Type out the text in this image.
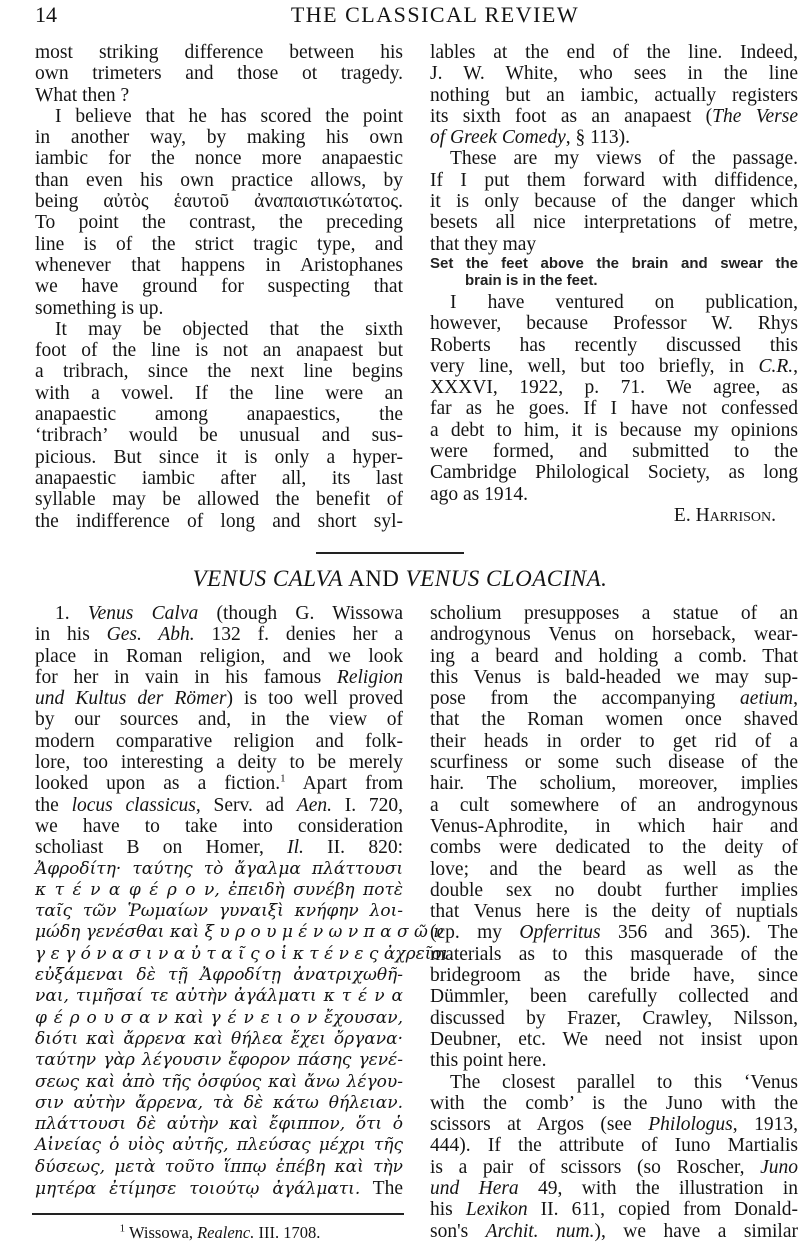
14	THE CLASSICAL REVIEW
most striking difference between his
own trimeters and those ot tragedy.
What then ?
I believe that he has scored the point
in another way, by making his own
iambic for the nonce more anapaestic
than even his own practice allows, by
being αὐτὸς ἑαυτοῦ ἀναπαιστικώτατος.
To point the contrast, the preceding
line is of the strict tragic type, and
whenever that happens in Aristophanes
we have ground for suspecting that
something is up.
It may be objected that the sixth
foot of the line is not an anapaest but
a tribrach, since the next line begins
with a vowel. If the line were an
anapaestic among anapaestics, the
‘tribrach’ would be unusual and sus-
picious. But since it is only a hyper-
anapaestic iambic after all, its last
syllable may be allowed the benefit of
the indifference of long and short syl-
lables at the end of the line. Indeed,
J. W. White, who sees in the line
nothing but an iambic, actually registers
its sixth foot as an anapaest (The Verse
of Greek Comedy, § 113).
These are my views of the passage.
If I put them forward with diffidence,
it is only because of the danger which
besets all nice interpretations of metre,
that they may
Set the feet above the brain and swear the
brain is in the feet.
I have ventured on publication,
however, because Professor W. Rhys
Roberts has recently discussed this
very line, well, but too briefly, in C.R.,
XXXVI, 1922, p. 71. We agree, as
far as he goes. If I have not confessed
a debt to him, it is because my opinions
were formed, and submitted to the
Cambridge Philological Society, as long
ago as 1914.
E. Harrison.
VENUS CALVA AND VENUS CLOACINA.
1. Venus Calva (though G. Wissowa
in his Ges. Abh. 132 f. denies her a
place in Roman religion, and we look
for her in vain in his famous Religion
und Kultus der Römer) is too well proved
by our sources and, in the view of
modern comparative religion and folk-
lore, too interesting a deity to be merely
looked upon as a fiction.$^1$ Apart from
the locus classicus, Serv. ad Aen. I. 720,
we have to take into consideration
scholiast B on Homer, Il. II. 820:
Ἀφροδίτη· ταύτης τὸ ἄγαλμα πλάττουσι
κ τ έ ν α φ έ ρ ο ν, ἐπειδὴ συνέβη ποτὲ
ταῖς τῶν Ῥωμαίων γυναιξὶ κνήφην λοι-
μώδη γενέσθαι καὶ ξ υ ρ ο υ μ έ ν ω ν π α σ ῶ ν
γ ε γ ό ν α σ ι ν α ὐ τ α ῖ ς ο ἱ κ τ έ ν ε ς ἀχρεῖοι.
εὐξάμεναι δὲ τῇ Ἀφροδίτῃ ἀνατριχωθῆ-
ναι, τιμῆσαί τε αὐτὴν ἀγάλματι κ τ έ ν α
φ έ ρ ο υ σ α ν καὶ γ έ ν ε ι ο ν ἔχουσαν,
διότι καὶ ἄρρενα καὶ θήλεα ἔχει ὄργανα·
ταύτην γὰρ λέγουσιν ἔφορον πάσης γενέ-
σεως καὶ ἀπὸ τῆς ὀσφύος καὶ ἄνω λέγου-
σιν αὐτὴν ἄρρενα, τὰ δὲ κάτω θήλειαν.
πλάττουσι δὲ αὐτὴν καὶ ἔφιππον, ὅτι ὁ
Αἰνείας ὁ υἱὸς αὐτῆς, πλεύσας μέχρι τῆς
δύσεως, μετὰ τοῦτο ἵππῳ ἐπέβη καὶ τὴν
μητέρα ἐτίμησε τοιούτῳ ἀγάλματι. The
scholium presupposes a statue of an
androgynous Venus on horseback, wear-
ing a beard and holding a comb. That
this Venus is bald-headed we may sup-
pose from the accompanying aetium,
that the Roman women once shaved
their heads in order to get rid of a
scurfiness or some such disease of the
hair. The scholium, moreover, implies
a cult somewhere of an androgynous
Venus-Aphrodite, in which hair and
combs were dedicated to the deity of
love; and the beard as well as the
double sex no doubt further implies
that Venus here is the deity of nuptials
(cp. my Opferritus 356 and 365). The
materials as to this masquerade of the
bridegroom as the bride have, since
Dümmler, been carefully collected and
discussed by Frazer, Crawley, Nilsson,
Deubner, etc. We need not insist upon
this point here.
The closest parallel to this ‘Venus
with the comb’ is the Juno with the
scissors at Argos (see Philologus, 1913,
444). If the attribute of Iuno Martialis
is a pair of scissors (so Roscher, Juno
und Hera 49, with the illustration in
his Lexikon II. 611, copied from Donald-
son's Archit. num.), we have a similar
$^1$ Wissowa, Realenc. III. 1708.
